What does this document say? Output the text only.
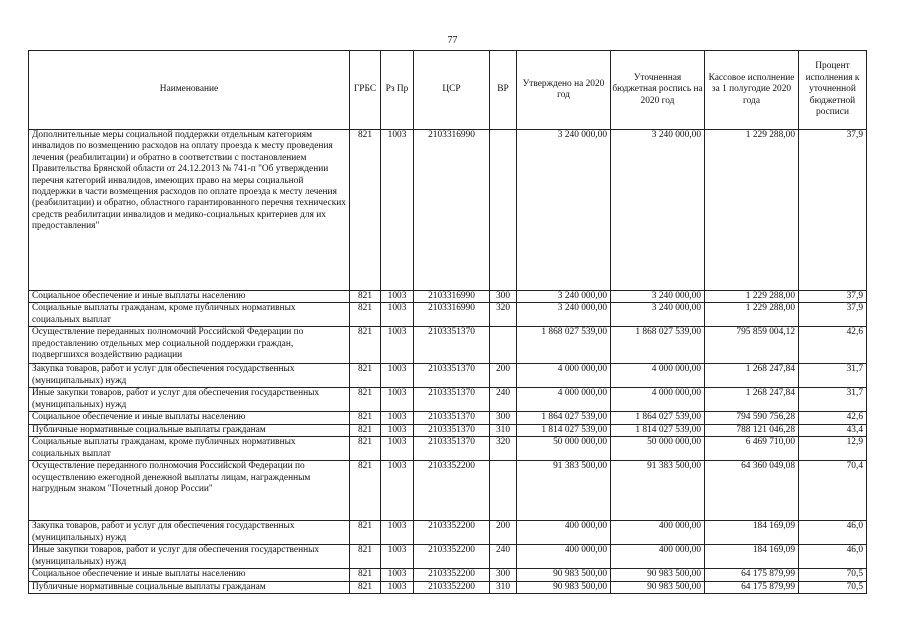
77
Наименование	ГРБС	Рз Пр	ЦСР	ВР	Утверждено на 2020 год	Уточненная бюджетная роспись на 2020 год	Кассовое исполнение за 1 полугодие 2020 года	Процент исполнения к уточненной бюджетной росписи
Дополнительные меры социальной поддержки отдельным категориям инвалидов по возмещению расходов на оплату проезда к месту проведения лечения (реабилитации) и обратно в соответствии с постановлением Правительства Брянской области от 24.12.2013 № 741-п "Об утверждении перечня категорий инвалидов, имеющих право на меры социальной поддержки в части возмещения расходов по оплате проезда к месту лечения (реабилитации) и обратно, областного гарантированного перечня технических средств реабилитации инвалидов и медико-социальных критериев для их предоставления"	821	1003	2103316990		3 240 000,00	3 240 000,00	1 229 288,00	37,9
Социальное обеспечение и иные выплаты населению	821	1003	2103316990	300	3 240 000,00	3 240 000,00	1 229 288,00	37,9
Социальные выплаты гражданам, кроме публичных нормативных социальных выплат	821	1003	2103316990	320	3 240 000,00	3 240 000,00	1 229 288,00	37,9
Осуществление переданных полномочий Российской Федерации по предоставлению отдельных мер социальной поддержки граждан, подвергшихся воздействию радиации	821	1003	2103351370		1 868 027 539,00	1 868 027 539,00	795 859 004,12	42,6
Закупка товаров, работ и услуг для обеспечения государственных (муниципальных) нужд	821	1003	2103351370	200	4 000 000,00	4 000 000,00	1 268 247,84	31,7
Иные закупки товаров, работ и услуг для обеспечения государственных (муниципальных) нужд	821	1003	2103351370	240	4 000 000,00	4 000 000,00	1 268 247,84	31,7
Социальное обеспечение и иные выплаты населению	821	1003	2103351370	300	1 864 027 539,00	1 864 027 539,00	794 590 756,28	42,6
Публичные нормативные социальные выплаты гражданам	821	1003	2103351370	310	1 814 027 539,00	1 814 027 539,00	788 121 046,28	43,4
Социальные выплаты гражданам, кроме публичных нормативных социальных выплат	821	1003	2103351370	320	50 000 000,00	50 000 000,00	6 469 710,00	12,9
Осуществление переданного полномочия Российской Федерации по осуществлению ежегодной денежной выплаты лицам, награжденным нагрудным знаком "Почетный донор России"	821	1003	2103352200		91 383 500,00	91 383 500,00	64 360 049,08	70,4
Закупка товаров, работ и услуг для обеспечения государственных (муниципальных) нужд	821	1003	2103352200	200	400 000,00	400 000,00	184 169,09	46,0
Иные закупки товаров, работ и услуг для обеспечения государственных (муниципальных) нужд	821	1003	2103352200	240	400 000,00	400 000,00	184 169,09	46,0
Социальное обеспечение и иные выплаты населению	821	1003	2103352200	300	90 983 500,00	90 983 500,00	64 175 879,99	70,5
Публичные нормативные социальные выплаты гражданам	821	1003	2103352200	310	90 983 500,00	90 983 500,00	64 175 879,99	70,5
